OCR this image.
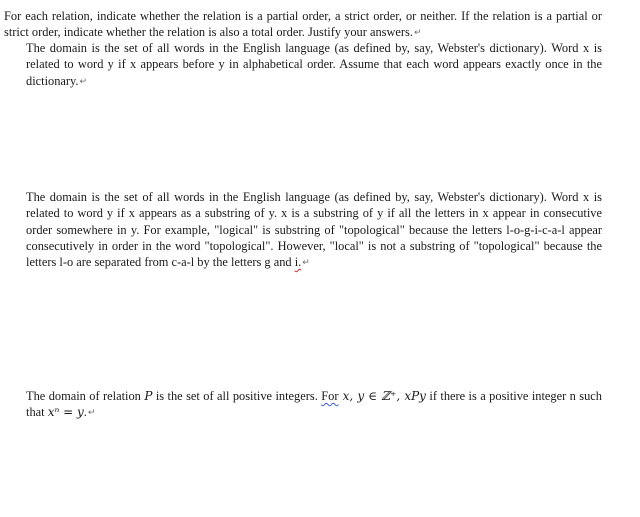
For each relation, indicate whether the relation is a partial order, a strict order, or neither. If the relation is a partial or strict order, indicate whether the relation is also a total order. Justify your answers.↵

The domain is the set of all words in the English language (as defined by, say, Webster's dictionary). Word x is related to word y if x appears before y in alphabetical order. Assume that each word appears exactly once in the dictionary.↵

The domain is the set of all words in the English language (as defined by, say, Webster's dictionary). Word x is related to word y if x appears as a substring of y. x is a substring of y if all the letters in x appear in consecutive order somewhere in y. For example, "logical" is substring of "topological" because the letters l-o-g-i-c-a-l appear consecutively in order in the word "topological". However, "local" is not a substring of "topological" because the letters l-o are separated from c-a-l by the letters g and i.↵

The domain of relation P is the set of all positive integers. For x, y ∈ ℤ⁺, xPy if there is a positive integer n such that xⁿ = y.↵
